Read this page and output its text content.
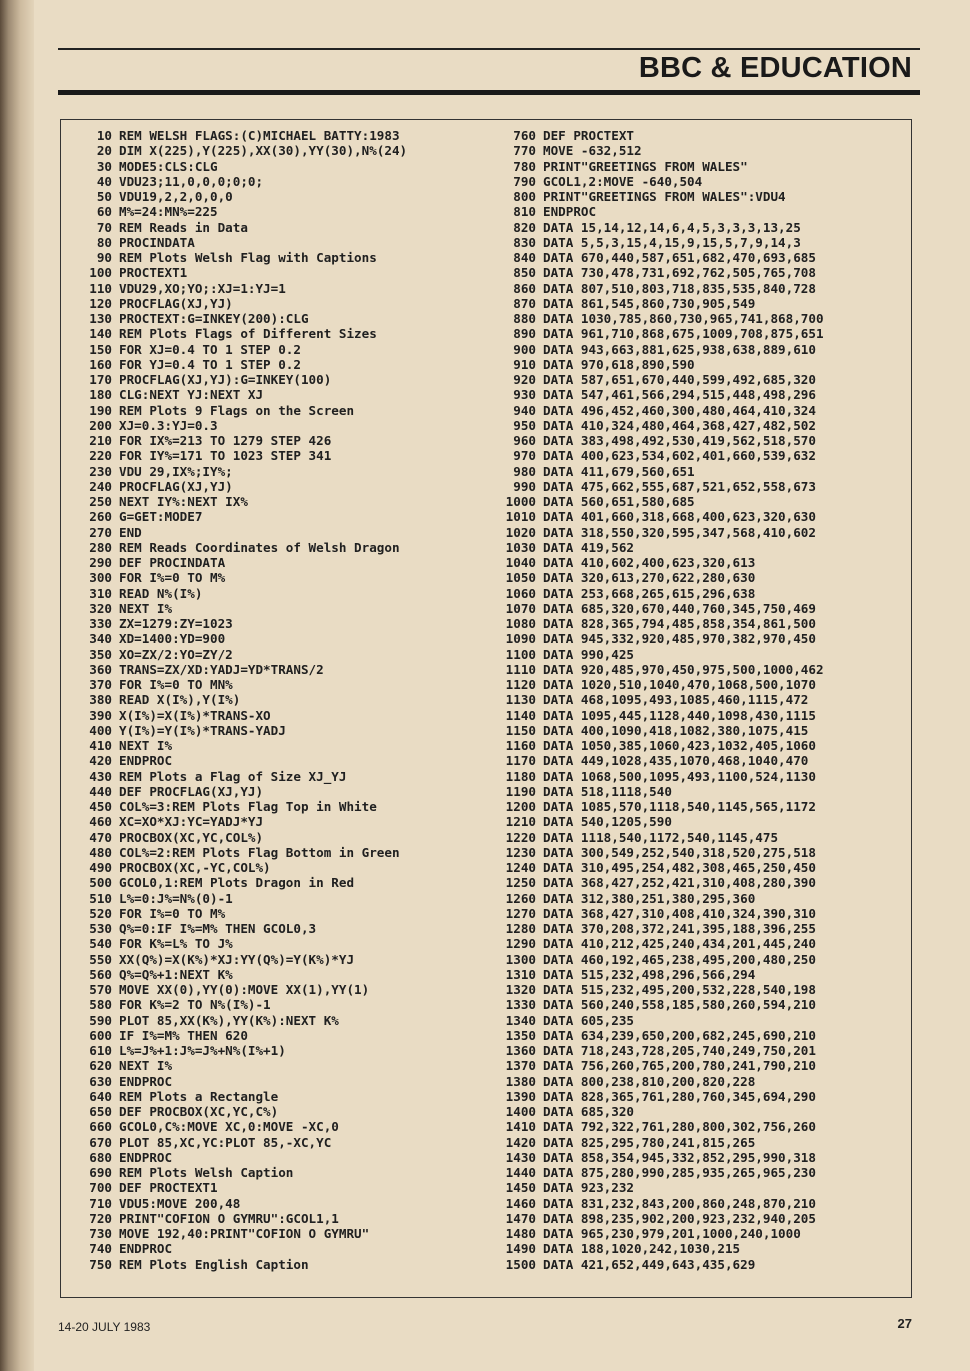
BBC & EDUCATION
10 REM WELSH FLAGS:(C)MICHAEL BATTY:1983
20 DIM X(225),Y(225),XX(30),YY(30),N%(24)
30 MODE5:CLS:CLG
40 VDU23;11,0,0,0;0;0;
50 VDU19,2,2,0,0,0
60 M%=24:MN%=225
70 REM Reads in Data
80 PROCINDATA
90 REM Plots Welsh Flag with Captions
100 PROCTEXT1
110 VDU29,XO;YO;:XJ=1:YJ=1
120 PROCFLAG(XJ,YJ)
130 PROCTEXT:G=INKEY(200):CLG
140 REM Plots Flags of Different Sizes
150 FOR XJ=0.4 TO 1 STEP 0.2
160 FOR YJ=0.4 TO 1 STEP 0.2
170 PROCFLAG(XJ,YJ):G=INKEY(100)
180 CLG:NEXT YJ:NEXT XJ
190 REM Plots 9 Flags on the Screen
200 XJ=0.3:YJ=0.3
210 FOR IX%=213 TO 1279 STEP 426
220 FOR IY%=171 TO 1023 STEP 341
230 VDU 29,IX%;IY%;
240 PROCFLAG(XJ,YJ)
250 NEXT IY%:NEXT IX%
260 G=GET:MODE7
270 END
280 REM Reads Coordinates of Welsh Dragon
290 DEF PROCINDATA
300 FOR I%=0 TO M%
310 READ N%(I%)
320 NEXT I%
330 ZX=1279:ZY=1023
340 XD=1400:YD=900
350 XO=ZX/2:YO=ZY/2
360 TRANS=ZX/XD:YADJ=YD*TRANS/2
370 FOR I%=0 TO MN%
380 READ X(I%),Y(I%)
390 X(I%)=X(I%)*TRANS-XO
400 Y(I%)=Y(I%)*TRANS-YADJ
410 NEXT I%
420 ENDPROC
430 REM Plots a Flag of Size XJ_YJ
440 DEF PROCFLAG(XJ,YJ)
450 COL%=3:REM Plots Flag Top in White
460 XC=XO*XJ:YC=YADJ*YJ
470 PROCBOX(XC,YC,COL%)
480 COL%=2:REM Plots Flag Bottom in Green
490 PROCBOX(XC,-YC,COL%)
500 GCOL0,1:REM Plots Dragon in Red
510 L%=0:J%=N%(0)-1
520 FOR I%=0 TO M%
530 Q%=0:IF I%=M% THEN GCOL0,3
540 FOR K%=L% TO J%
550 XX(Q%)=X(K%)*XJ:YY(Q%)=Y(K%)*YJ
560 Q%=Q%+1:NEXT K%
570 MOVE XX(0),YY(0):MOVE XX(1),YY(1)
580 FOR K%=2 TO N%(I%)-1
590 PLOT 85,XX(K%),YY(K%):NEXT K%
600 IF I%=M% THEN 620
610 L%=J%+1:J%=J%+N%(I%+1)
620 NEXT I%
630 ENDPROC
640 REM Plots a Rectangle
650 DEF PROCBOX(XC,YC,C%)
660 GCOL0,C%:MOVE XC,0:MOVE -XC,0
670 PLOT 85,XC,YC:PLOT 85,-XC,YC
680 ENDPROC
690 REM Plots Welsh Caption
700 DEF PROCTEXT1
710 VDU5:MOVE 200,48
720 PRINT"COFION O GYMRU":GCOL1,1
730 MOVE 192,40:PRINT"COFION O GYMRU"
740 ENDPROC
750 REM Plots English Caption
760 DEF PROCTEXT
770 MOVE -632,512
780 PRINT"GREETINGS FROM WALES"
790 GCOL1,2:MOVE -640,504
800 PRINT"GREETINGS FROM WALES":VDU4
810 ENDPROC
820 DATA 15,14,12,14,6,4,5,3,3,3,13,25
830 DATA 5,5,3,15,4,15,9,15,5,7,9,14,3
840 DATA 670,440,587,651,682,470,693,685
850 DATA 730,478,731,692,762,505,765,708
860 DATA 807,510,803,718,835,535,840,728
870 DATA 861,545,860,730,905,549
880 DATA 1030,785,860,730,965,741,868,700
890 DATA 961,710,868,675,1009,708,875,651
900 DATA 943,663,881,625,938,638,889,610
910 DATA 970,618,890,590
920 DATA 587,651,670,440,599,492,685,320
930 DATA 547,461,566,294,515,448,498,296
940 DATA 496,452,460,300,480,464,410,324
950 DATA 410,324,480,464,368,427,482,502
960 DATA 383,498,492,530,419,562,518,570
970 DATA 400,623,534,602,401,660,539,632
980 DATA 411,679,560,651
990 DATA 475,662,555,687,521,652,558,673
1000 DATA 560,651,580,685
1010 DATA 401,660,318,668,400,623,320,630
1020 DATA 318,550,320,595,347,568,410,602
1030 DATA 419,562
1040 DATA 410,602,400,623,320,613
1050 DATA 320,613,270,622,280,630
1060 DATA 253,668,265,615,296,638
1070 DATA 685,320,670,440,760,345,750,469
1080 DATA 828,365,794,485,858,354,861,500
1090 DATA 945,332,920,485,970,382,970,450
1100 DATA 990,425
1110 DATA 920,485,970,450,975,500,1000,462
1120 DATA 1020,510,1040,470,1068,500,1070
1130 DATA 468,1095,493,1085,460,1115,472
1140 DATA 1095,445,1128,440,1098,430,1115
1150 DATA 400,1090,418,1082,380,1075,415
1160 DATA 1050,385,1060,423,1032,405,1060
1170 DATA 449,1028,435,1070,468,1040,470
1180 DATA 1068,500,1095,493,1100,524,1130
1190 DATA 518,1118,540
1200 DATA 1085,570,1118,540,1145,565,1172
1210 DATA 540,1205,590
1220 DATA 1118,540,1172,540,1145,475
1230 DATA 300,549,252,540,318,520,275,518
1240 DATA 310,495,254,482,308,465,250,450
1250 DATA 368,427,252,421,310,408,280,390
1260 DATA 312,380,251,380,295,360
1270 DATA 368,427,310,408,410,324,390,310
1280 DATA 370,208,372,241,395,188,396,255
1290 DATA 410,212,425,240,434,201,445,240
1300 DATA 460,192,465,238,495,200,480,250
1310 DATA 515,232,498,296,566,294
1320 DATA 515,232,495,200,532,228,540,198
1330 DATA 560,240,558,185,580,260,594,210
1340 DATA 605,235
1350 DATA 634,239,650,200,682,245,690,210
1360 DATA 718,243,728,205,740,249,750,201
1370 DATA 756,260,765,200,780,241,790,210
1380 DATA 800,238,810,200,820,228
1390 DATA 828,365,761,280,760,345,694,290
1400 DATA 685,320
1410 DATA 792,322,761,280,800,302,756,260
1420 DATA 825,295,780,241,815,265
1430 DATA 858,354,945,332,852,295,990,318
1440 DATA 875,280,990,285,935,265,965,230
1450 DATA 923,232
1460 DATA 831,232,843,200,860,248,870,210
1470 DATA 898,235,902,200,923,232,940,205
1480 DATA 965,230,979,201,1000,240,1000
1490 DATA 188,1020,242,1030,215
1500 DATA 421,652,449,643,435,629
14-20 JULY 1983	27
